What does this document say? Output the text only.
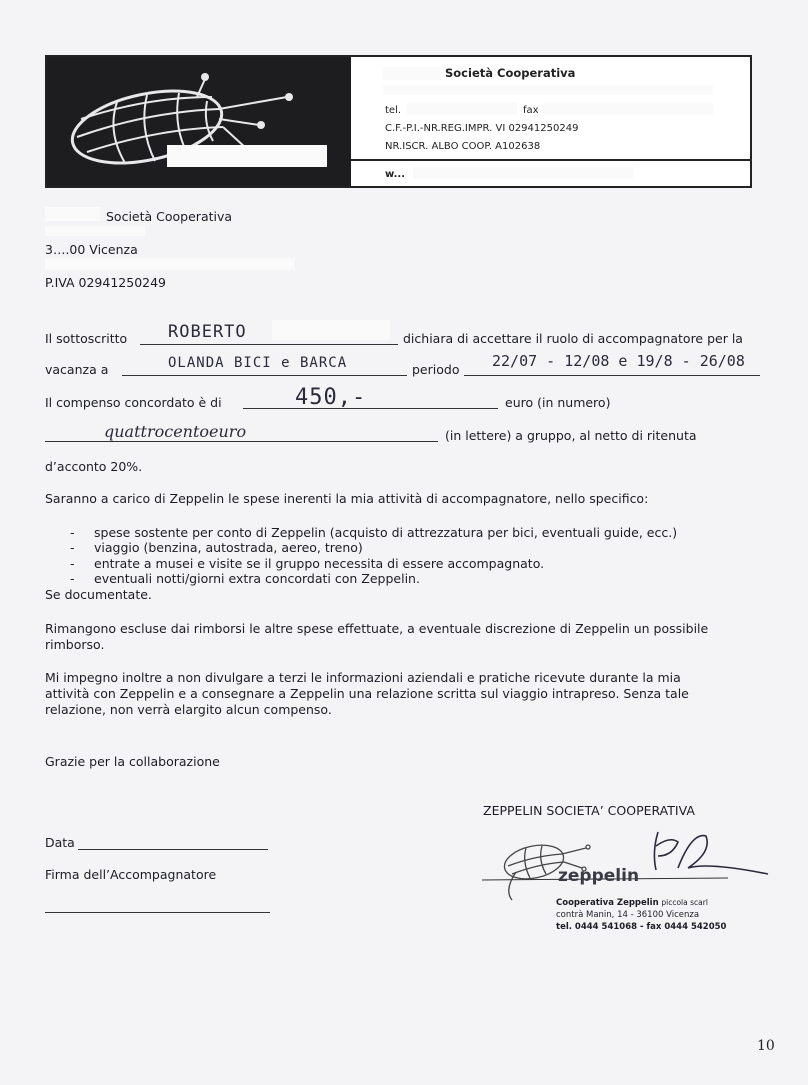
Società Cooperativa
tel.	fax
C.F.-P.I.-NR.REG.IMPR. VI 02941250249
NR.ISCR. ALBO COOP. A102638
w...
Società Cooperativa
3….00 Vicenza
P.IVA 02941250249
Il sottoscritto ROBERTO	dichiara di accettare il ruolo di accompagnatore per la
vacanza a	OLANDA BICI e BARCA	periodo 22/07 - 12/08 e 19/8 - 26/08
Il compenso concordato è di	450,-	euro (in numero)
quattrocentoeuro	(in lettere) a gruppo, al netto di ritenuta
d’acconto 20%.
Saranno a carico di Zeppelin le spese inerenti la mia attività di accompagnatore, nello specifico:
- spese sostente per conto di Zeppelin (acquisto di attrezzatura per bici, eventuali guide, ecc.)
- viaggio (benzina, autostrada, aereo, treno)
- entrate a musei e visite se il gruppo necessita di essere accompagnato.
- eventuali notti/giorni extra concordati con Zeppelin.
Se documentate.
Rimangono escluse dai rimborsi le altre spese effettuate, a eventuale discrezione di Zeppelin un possibile
rimborso.
Mi impegno inoltre a non divulgare a terzi le informazioni aziendali e pratiche ricevute durante la mia
attività con Zeppelin e a consegnare a Zeppelin una relazione scritta sul viaggio intrapreso. Senza tale
relazione, non verrà elargito alcun compenso.
Grazie per la collaborazione
ZEPPELIN SOCIETA’ COOPERATIVA
Data
Firma dell’Accompagnatore	zeppelin
Cooperativa Zeppelin piccola scarl
contrà Manin, 14 - 36100 Vicenza
tel. 0444 541068 - fax 0444 542050
10
